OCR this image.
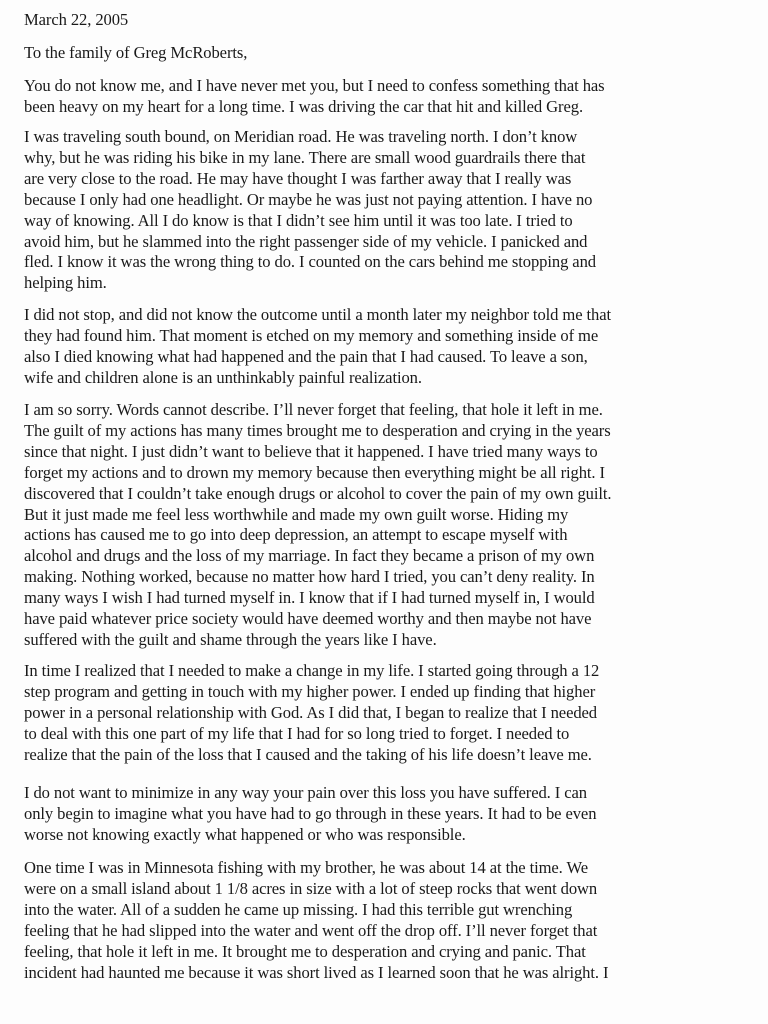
March 22, 2005
To the family of Greg McRoberts,
You do not know me, and I have never met you, but I need to confess something that has
been heavy on my heart for a long time. I was driving the car that hit and killed Greg.
I was traveling south bound, on Meridian road. He was traveling north. I don’t know
why, but he was riding his bike in my lane. There are small wood guardrails there that
are very close to the road. He may have thought I was farther away that I really was
because I only had one headlight. Or maybe he was just not paying attention. I have no
way of knowing. All I do know is that I didn’t see him until it was too late. I tried to
avoid him, but he slammed into the right passenger side of my vehicle. I panicked and
fled. I know it was the wrong thing to do. I counted on the cars behind me stopping and
helping him.
I did not stop, and did not know the outcome until a month later my neighbor told me that
they had found him. That moment is etched on my memory and something inside of me
also I died knowing what had happened and the pain that I had caused. To leave a son,
wife and children alone is an unthinkably painful realization.
I am so sorry. Words cannot describe. I’ll never forget that feeling, that hole it left in me.
The guilt of my actions has many times brought me to desperation and crying in the years
since that night. I just didn’t want to believe that it happened. I have tried many ways to
forget my actions and to drown my memory because then everything might be all right. I
discovered that I couldn’t take enough drugs or alcohol to cover the pain of my own guilt.
But it just made me feel less worthwhile and made my own guilt worse. Hiding my
actions has caused me to go into deep depression, an attempt to escape myself with
alcohol and drugs and the loss of my marriage. In fact they became a prison of my own
making. Nothing worked, because no matter how hard I tried, you can’t deny reality. In
many ways I wish I had turned myself in. I know that if I had turned myself in, I would
have paid whatever price society would have deemed worthy and then maybe not have
suffered with the guilt and shame through the years like I have.
In time I realized that I needed to make a change in my life. I started going through a 12
step program and getting in touch with my higher power. I ended up finding that higher
power in a personal relationship with God. As I did that, I began to realize that I needed
to deal with this one part of my life that I had for so long tried to forget. I needed to
realize that the pain of the loss that I caused and the taking of his life doesn’t leave me.
I do not want to minimize in any way your pain over this loss you have suffered. I can
only begin to imagine what you have had to go through in these years. It had to be even
worse not knowing exactly what happened or who was responsible.
One time I was in Minnesota fishing with my brother, he was about 14 at the time. We
were on a small island about 1 1/8 acres in size with a lot of steep rocks that went down
into the water. All of a sudden he came up missing. I had this terrible gut wrenching
feeling that he had slipped into the water and went off the drop off. I’ll never forget that
feeling, that hole it left in me. It brought me to desperation and crying and panic. That
incident had haunted me because it was short lived as I learned soon that he was alright. I
